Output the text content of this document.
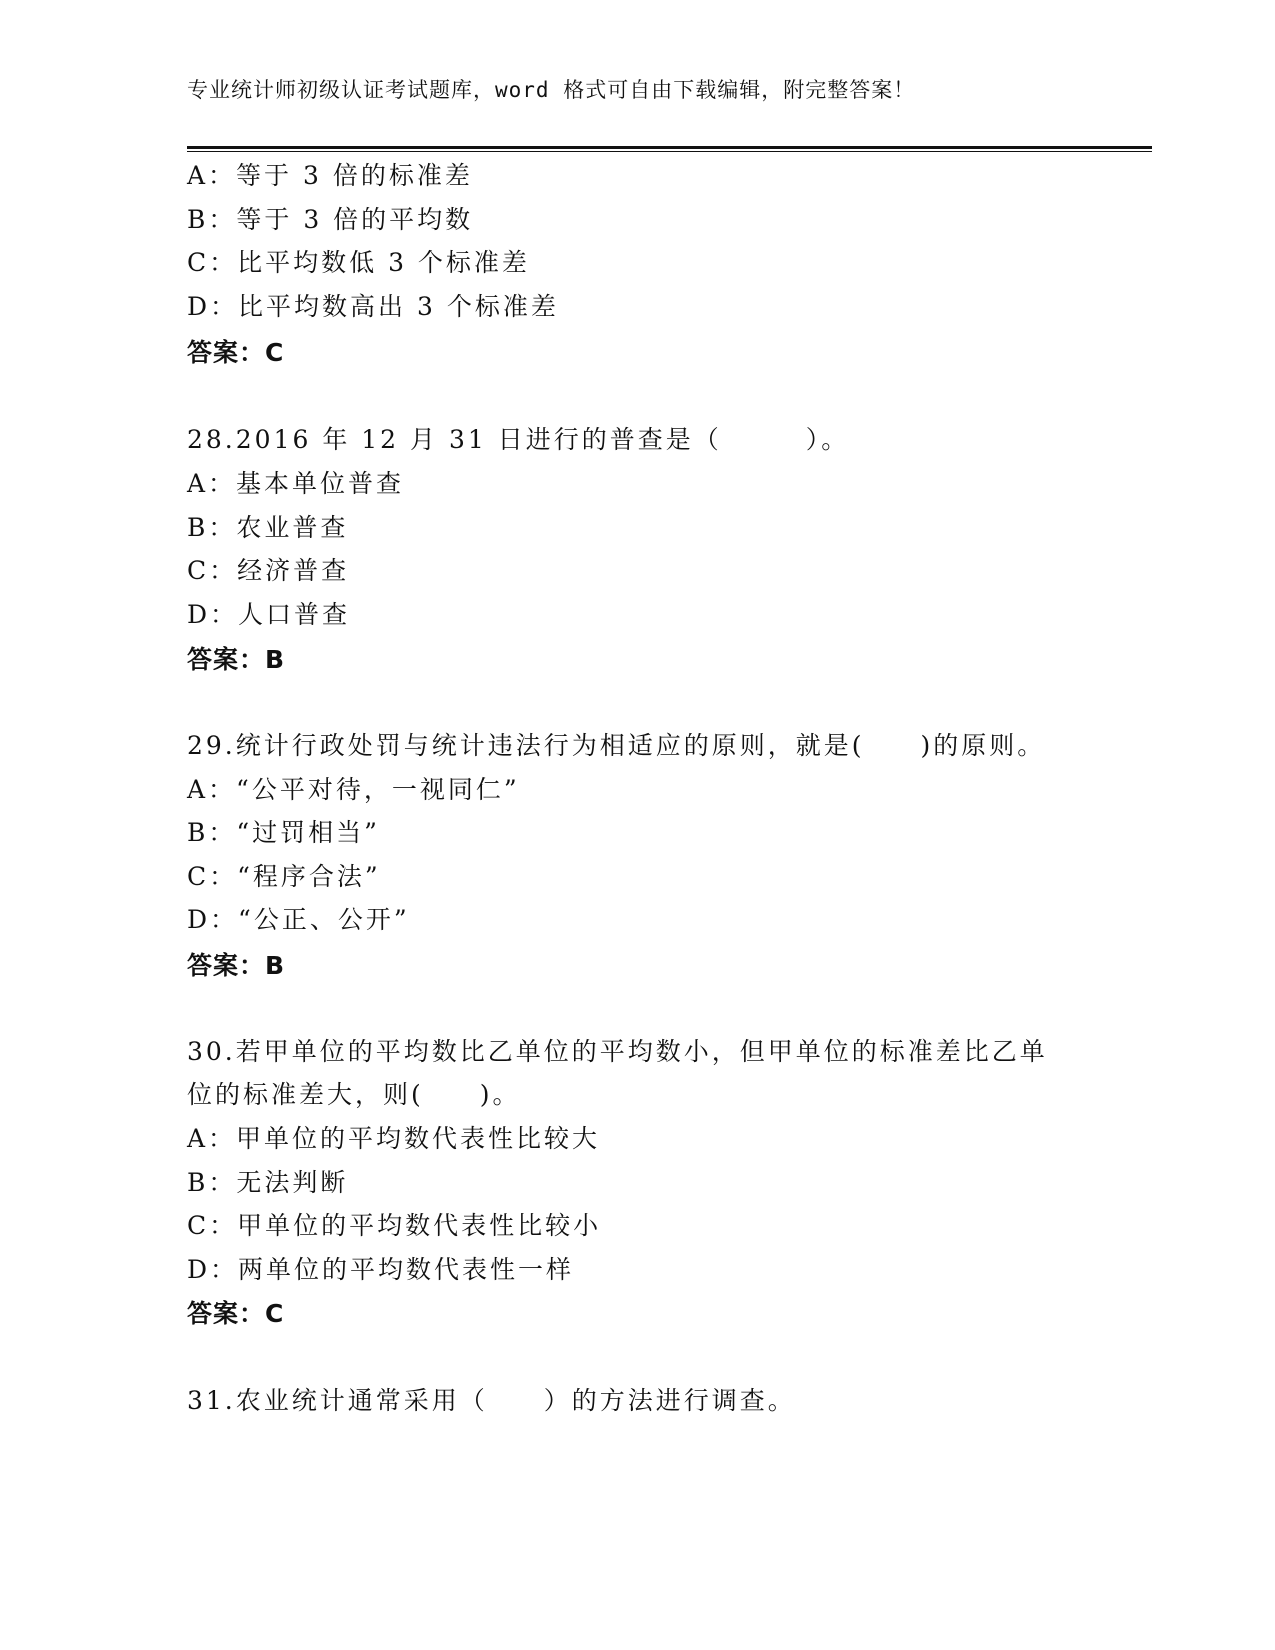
专业统计师初级认证考试题库，word 格式可自由下载编辑，附完整答案！
A：等于 3 倍的标准差
B：等于 3 倍的平均数
C：比平均数低 3 个标准差
D：比平均数高出 3 个标准差
答案：C
28.2016 年 12 月 31 日进行的普查是（　　　）。
A：基本单位普查
B：农业普查
C：经济普查
D：人口普查
答案：B
29.统计行政处罚与统计违法行为相适应的原则，就是(　　)的原则。
A：“公平对待，一视同仁”
B：“过罚相当”
C：“程序合法”
D：“公正、公开”
答案：B
30.若甲单位的平均数比乙单位的平均数小，但甲单位的标准差比乙单
位的标准差大，则(　　)。
A：甲单位的平均数代表性比较大
B：无法判断
C：甲单位的平均数代表性比较小
D：两单位的平均数代表性一样
答案：C
31.农业统计通常采用（　　）的方法进行调查。
